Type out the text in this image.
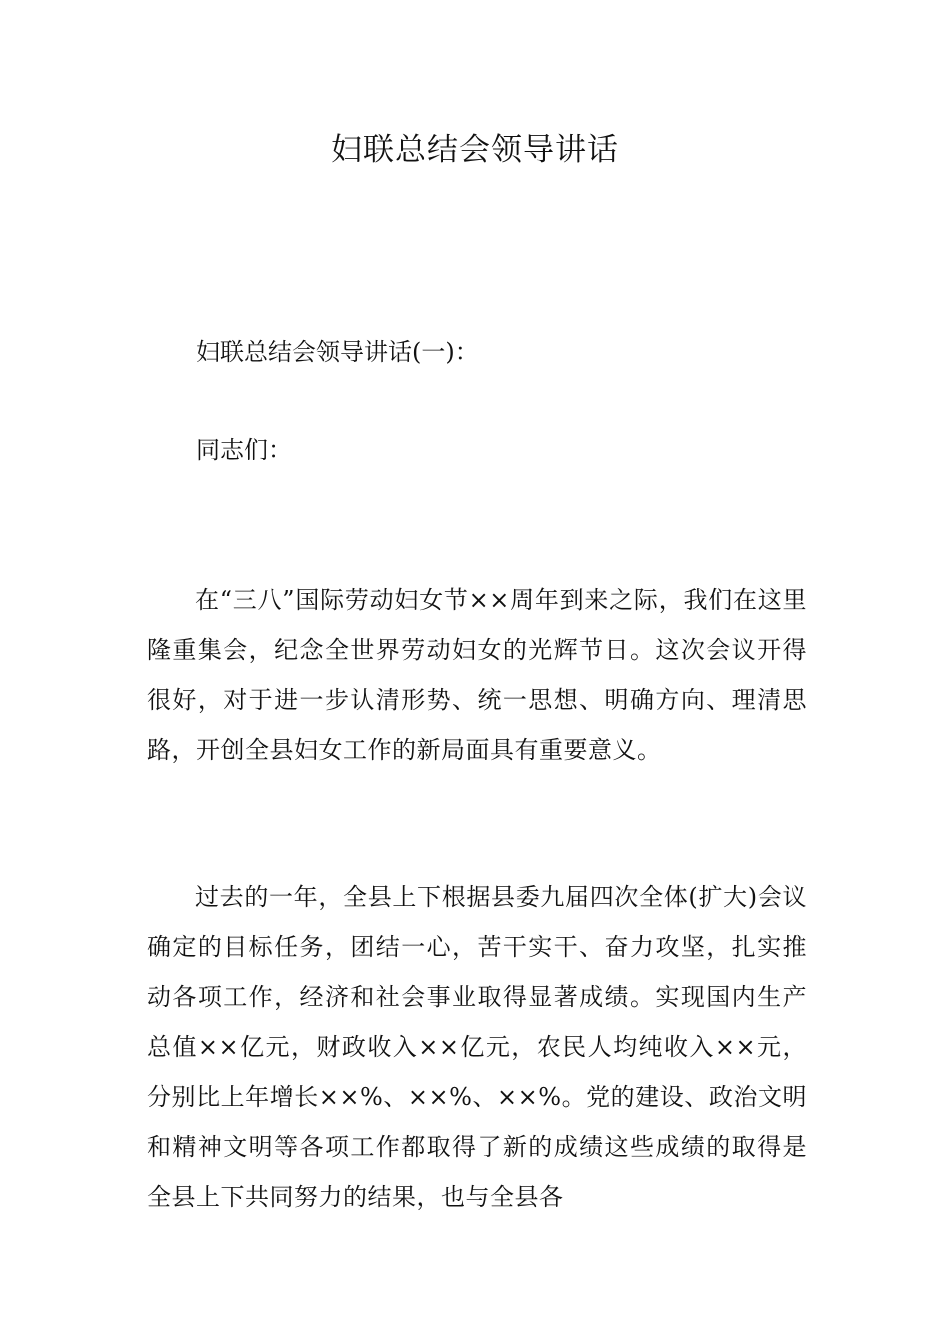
妇联总结会领导讲话

妇联总结会领导讲话(一)：

同志们：

在“三八”国际劳动妇女节××周年到来之际，我们在这里隆重集会，纪念全世界劳动妇女的光辉节日。这次会议开得很好，对于进一步认清形势、统一思想、明确方向、理清思路，开创全县妇女工作的新局面具有重要意义。

过去的一年，全县上下根据县委九届四次全体(扩大)会议确定的目标任务，团结一心，苦干实干、奋力攻坚，扎实推动各项工作，经济和社会事业取得显著成绩。实现国内生产总值××亿元，财政收入××亿元，农民人均纯收入××元，分别比上年增长××%、××%、××%。党的建设、政治文明和精神文明等各项工作都取得了新的成绩这些成绩的取得是全县上下共同努力的结果，也与全县各
